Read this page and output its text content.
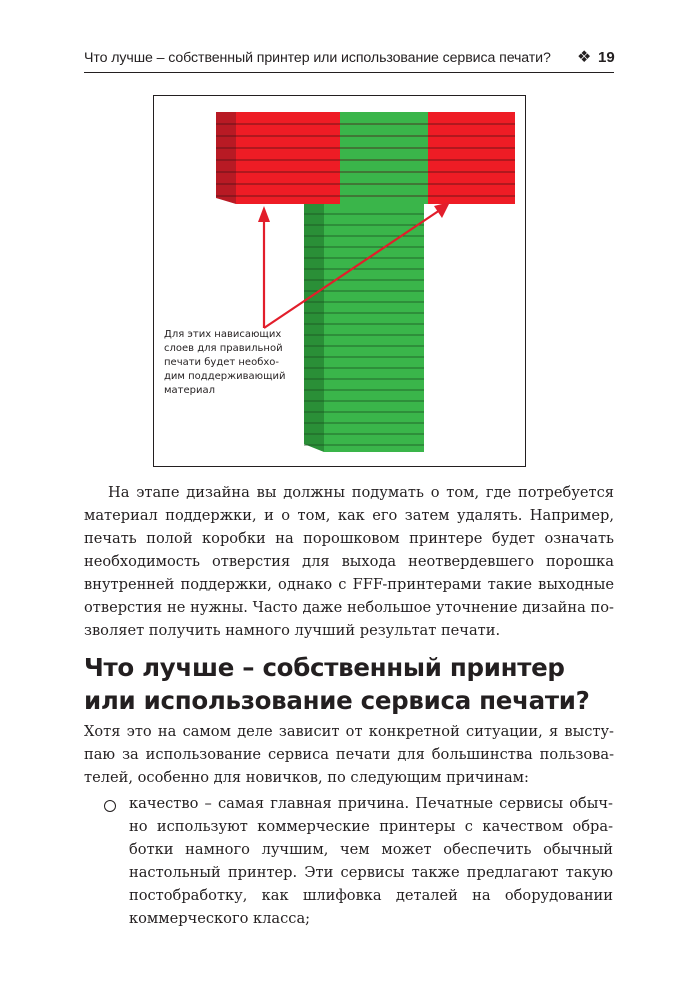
Что лучше – собственный принтер или использование сервиса печати? ❖ 19
Для этих нависающих
слоев для правильной
печати будет необхо-
дим поддерживающий
материал
На этапе дизайна вы должны подумать о том, где потребуется
материал поддержки, и о том, как его затем удалять. Например,
печать полой коробки на порошковом принтере будет означать
необходимость отверстия для выхода неотвердевшего порошка
внутренней поддержки, однако с FFF-принтерами такие выходные
отверстия не нужны. Часто даже небольшое уточнение дизайна по-
зволяет получить намного лучший результат печати.
Что лучше – собственный принтер
или использование сервиса печати?
Хотя это на самом деле зависит от конкретной ситуации, я высту-
паю за использование сервиса печати для большинства пользова-
телей, особенно для новичков, по следующим причинам:
качество – самая главная причина. Печатные сервисы обыч-
но используют коммерческие принтеры с качеством обра-
ботки намного лучшим, чем может обеспечить обычный
настольный принтер. Эти сервисы также предлагают такую
постобработку, как шлифовка деталей на оборудовании
коммерческого класса;
